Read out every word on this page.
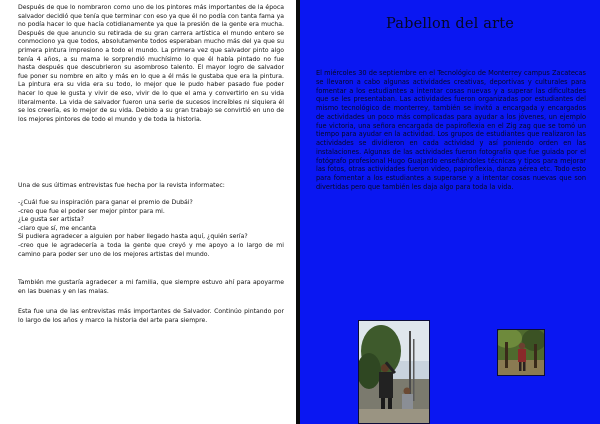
Después de que lo nombraron como uno de los pintores más importantes de la época salvador decidió que tenía que terminar con eso ya que él no podía con tanta fama ya no podía hacer lo que hacía cotidianamente ya que la presión de la gente era mucha. Después de que anuncio su retirada de su gran carrera artística el mundo entero se conmociono ya que todos, absolutamente todos esperaban mucho más del ya que su primera pintura impresiono a todo el mundo. La primera vez que salvador pinto algo tenía 4 años, a su mama le sorprendió muchísimo lo que él había pintado no fue hasta después que descubrieron su asombroso talento. El mayor logro de salvador fue poner su nombre en alto y más en lo que a él más le gustaba que era la pintura. La pintura era su vida era su todo, lo mejor que le pudo haber pasado fue poder hacer lo que le gusta y vivir de eso, vivir de lo que el ama y convertirlo en su vida literalmente. La vida de salvador fueron una serie de sucesos increíbles ni siquiera él se los creería, es lo mejor de su vida. Debido a su gran trabajo se convirtió en uno de los mejores pintores de todo el mundo y de toda la historia.

Una de sus últimas entrevistas fue hecha por la revista informatec:

-¿Cuál fue su inspiración para ganar el premio de Dubái?
-creo que fue el poder ser mejor pintor para mi.
¿Le gusta ser artista?
-claro que sí, me encanta
Si pudiera agradecer a alguien por haber llegado hasta aquí, ¿quién sería?
-creo que le agradecería a toda la gente que creyó y me apoyo a lo largo de mi camino para poder ser uno de los mejores artistas del mundo.

También me gustaría agradecer a mi familia, que siempre estuvo ahí para apoyarme en las buenas y en las malas.

Esta fue una de las entrevistas más importantes de Salvador. Continúo pintando por lo largo de los años y marco la historia del arte para siempre.

Pabellon del arte

El miércoles 30 de septiembre en el Tecnológico de Monterrey campus Zacatecas se llevaron a cabo algunas actividades creativas, deportivas y culturales para fomentar a los estudiantes a intentar cosas nuevas y a superar las dificultades que se les presentaban. Las actividades fueron organizadas por estudiantes del mismo tecnológico de monterrey, también se invitó a encargada y encargados de actividades un poco más complicadas para ayudar a los jóvenes, un ejemplo fue victoria, una señora encargada de papiroflexia en el Zig zag que se tomó un tiempo para ayudar en la actividad. Los grupos de estudiantes que realizaron las actividades se dividieron en cada actividad y así poniendo orden en las instalaciones. Algunas de las actividades fueron fotografía que fue guiada por el fotógrafo profesional Hugo Guajardo enseñándoles técnicas y tipos para mejorar las fotos, otras actividades fueron video, papiroflexia, danza aérea etc. Todo esto para fomentar a los estudiantes a superarse y a intentar cosas nuevas que son divertidas pero que también les daja algo para toda la vida.
